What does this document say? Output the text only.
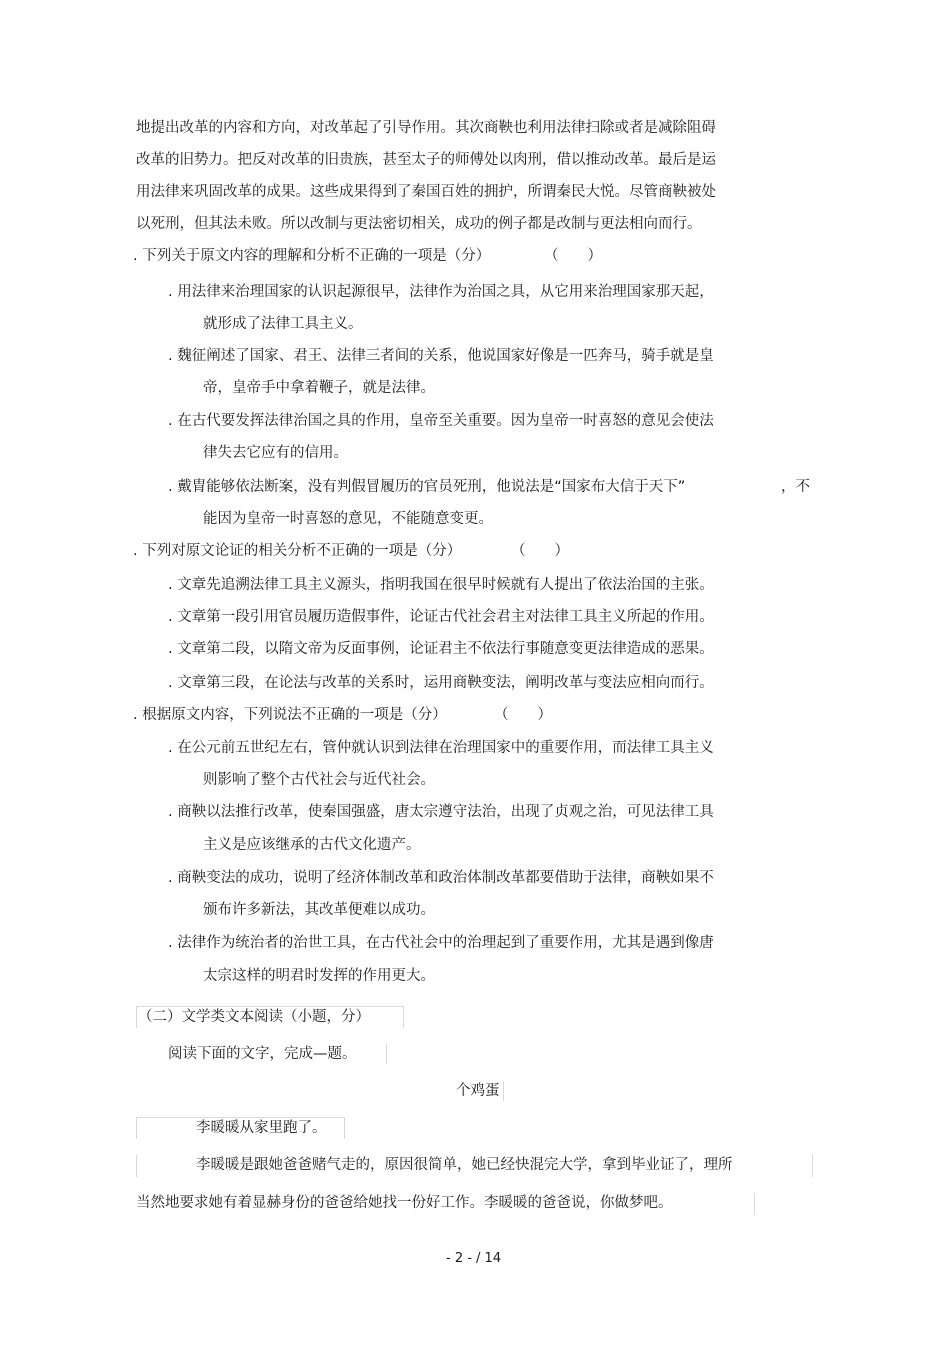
地提出改革的内容和方向，对改革起了引导作用。其次商鞅也利用法律扫除或者是减除阻碍
改革的旧势力。把反对改革的旧贵族，甚至太子的师傅处以肉刑，借以推动改革。最后是运
用法律来巩固改革的成果。这些成果得到了秦国百姓的拥护，所谓秦民大悦。尽管商鞅被处
以死刑，但其法未败。所以改制与更法密切相关，成功的例子都是改制与更法相向而行。
. 下列关于原文内容的理解和分析不正确的一项是（分）	（　　）
. 用法律来治理国家的认识起源很早，法律作为治国之具，从它用来治理国家那天起，
就形成了法律工具主义。
. 魏征阐述了国家、君王、法律三者间的关系，他说国家好像是一匹奔马，骑手就是皇
帝，皇帝手中拿着鞭子，就是法律。
. 在古代要发挥法律治国之具的作用，皇帝至关重要。因为皇帝一时喜怒的意见会使法
律失去它应有的信用。
. 戴胄能够依法断案，没有判假冒履历的官员死刑，他说法是“国家布大信于天下”	，不
能因为皇帝一时喜怒的意见，不能随意变更。
. 下列对原文论证的相关分析不正确的一项是（分）	（　　）
. 文章先追溯法律工具主义源头，指明我国在很早时候就有人提出了依法治国的主张。
. 文章第一段引用官员履历造假事件，论证古代社会君主对法律工具主义所起的作用。
. 文章第二段，以隋文帝为反面事例，论证君主不依法行事随意变更法律造成的恶果。
. 文章第三段，在论法与改革的关系时，运用商鞅变法，阐明改革与变法应相向而行。
. 根据原文内容，下列说法不正确的一项是（分）	（　　）
. 在公元前五世纪左右，管仲就认识到法律在治理国家中的重要作用，而法律工具主义
则影响了整个古代社会与近代社会。
. 商鞅以法推行改革，使秦国强盛，唐太宗遵守法治，出现了贞观之治，可见法律工具
主义是应该继承的古代文化遗产。
. 商鞅变法的成功，说明了经济体制改革和政治体制改革都要借助于法律，商鞅如果不
颁布许多新法，其改革便难以成功。
. 法律作为统治者的治世工具，在古代社会中的治理起到了重要作用，尤其是遇到像唐
太宗这样的明君时发挥的作用更大。
（二）文学类文本阅读（小题，分）
阅读下面的文字，完成—题。
个鸡蛋
李暖暖从家里跑了。
李暖暖是跟她爸爸赌气走的，原因很简单，她已经快混完大学，拿到毕业证了，理所
当然地要求她有着显赫身份的爸爸给她找一份好工作。李暖暖的爸爸说，你做梦吧。
- 2 - / 14
